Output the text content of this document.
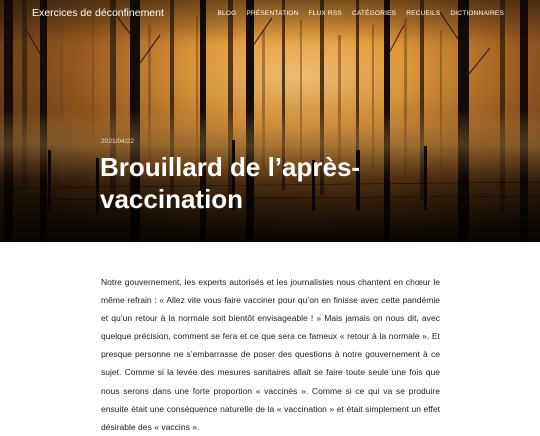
Exercices de déconfinement	BLOG PRÉSENTATION FLUX RSS CATÉGORIES RECUEILS DICTIONNAIRES
2021/04/22
Brouillard de l’après-vaccination

Notre gouvernement, les experts autorisés et les journalistes nous chantent en chœur le même refrain : « Allez vite vous faire vacciner pour qu’on en finisse avec cette pandémie et qu’un retour à la normale soit bientôt envisageable ! » Mais jamais on nous dit, avec quelque précision, comment se fera et ce que sera ce fameux « retour à la normale ». Et presque personne ne s’embarrasse de poser des questions à notre gouvernement à ce sujet. Comme si la levée des mesures sanitaires allait se faire toute seule une fois que nous serons dans une forte proportion « vaccinés ». Comme si ce qui va se produire ensuite était une conséquence naturelle de la « vaccination » et était simplement un effet désirable des « vaccins ».
